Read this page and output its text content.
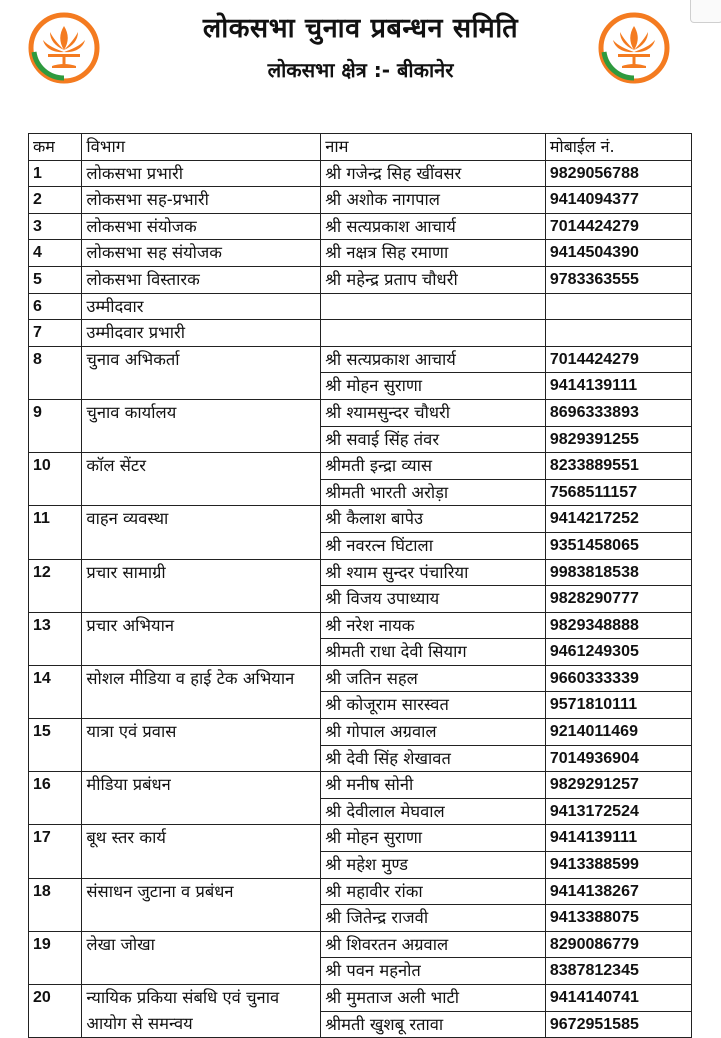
लोकसभा चुनाव प्रबन्धन समिति
लोकसभा क्षेत्र :- बीकानेर
कम	विभाग	नाम	मोबाईल नं.
1	लोकसभा प्रभारी	श्री गजेन्द्र सिह खींवसर	9829056788
2	लोकसभा सह-प्रभारी	श्री अशोक नागपाल	9414094377
3	लोकसभा संयोजक	श्री सत्यप्रकाश आचार्य	7014424279
4	लोकसभा सह संयोजक	श्री नक्षत्र सिह रमाणा	9414504390
5	लोकसभा विस्तारक	श्री महेन्द्र प्रताप चौधरी	9783363555
6	उम्मीदवार		
7	उम्मीदवार प्रभारी		
8	चुनाव अभिकर्ता	श्री सत्यप्रकाश आचार्य	7014424279
		श्री मोहन सुराणा	9414139111
9	चुनाव कार्यालय	श्री श्यामसुन्दर चौधरी	8696333893
		श्री सवाई सिंह तंवर	9829391255
10	कॉल सेंटर	श्रीमती इन्द्रा व्यास	8233889551
		श्रीमती भारती अरोड़ा	7568511157
11	वाहन व्यवस्था	श्री कैलाश बापेउ	9414217252
		श्री नवरत्न घिंटाला	9351458065
12	प्रचार सामाग्री	श्री श्याम सुन्दर पंचारिया	9983818538
		श्री विजय उपाध्याय	9828290777
13	प्रचार अभियान	श्री नरेश नायक	9829348888
		श्रीमती राधा देवी सियाग	9461249305
14	सोशल मीडिया व हाई टेक अभियान	श्री जतिन सहल	9660333339
		श्री कोजूराम सारस्वत	9571810111
15	यात्रा एवं प्रवास	श्री गोपाल अग्रवाल	9214011469
		श्री देवी सिंह शेखावत	7014936904
16	मीडिया प्रबंधन	श्री मनीष सोनी	9829291257
		श्री देवीलाल मेघवाल	9413172524
17	बूथ स्तर कार्य	श्री मोहन सुराणा	9414139111
		श्री महेश मुण्ड	9413388599
18	संसाधन जुटाना व प्रबंधन	श्री महावीर रांका	9414138267
		श्री जितेन्द्र राजवी	9413388075
19	लेखा जोखा	श्री शिवरतन अग्रवाल	8290086779
		श्री पवन महनोत	8387812345
20	न्यायिक प्रकिया संबधि एवं चुनाव आयोग से समन्वय	श्री मुमताज अली भाटी	9414140741
		श्रीमती खुशबू रतावा	9672951585
